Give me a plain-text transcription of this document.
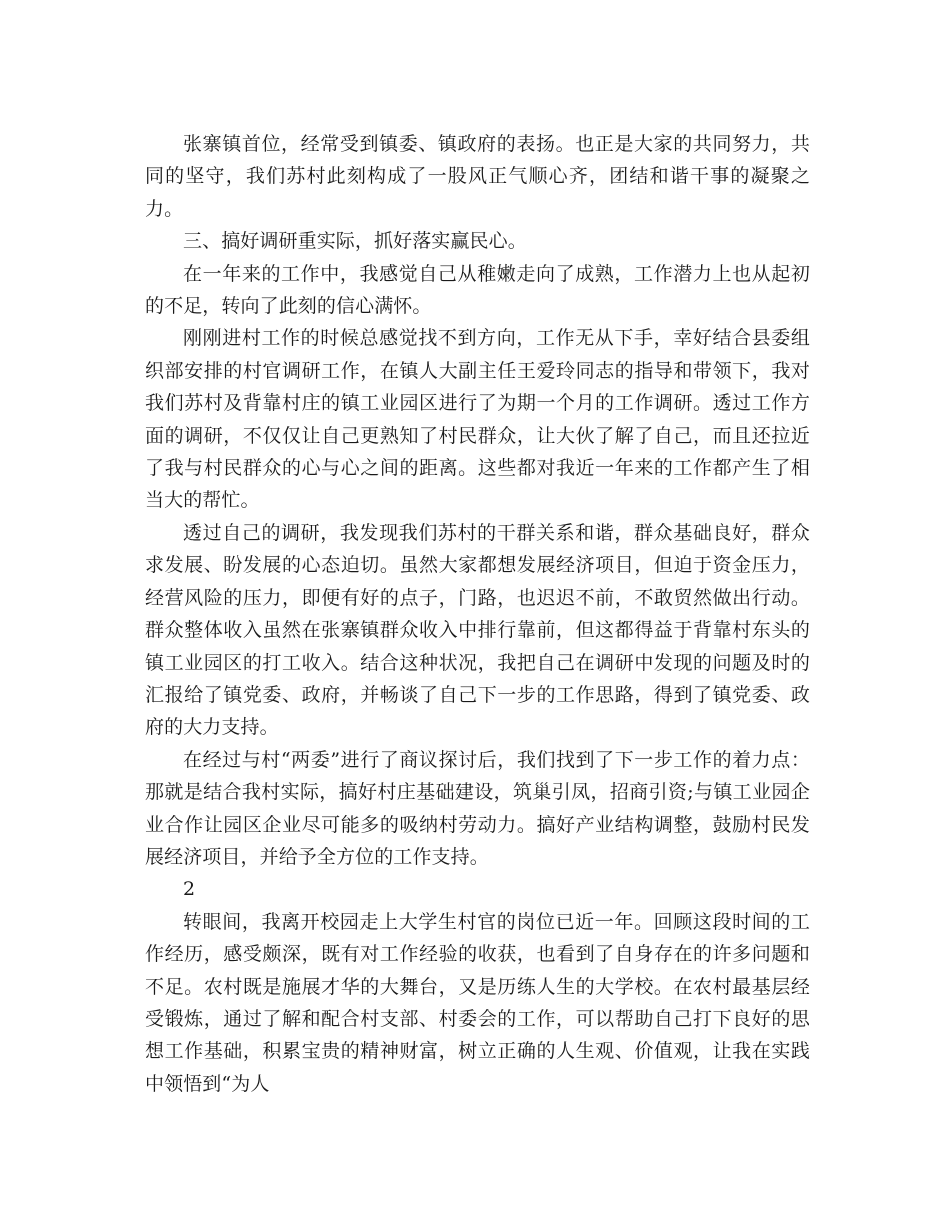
张寨镇首位，经常受到镇委、镇政府的表扬。也正是大家的共同努力，共同的坚守，我们苏村此刻构成了一股风正气顺心齐，团结和谐干事的凝聚之力。

三、搞好调研重实际，抓好落实赢民心。

在一年来的工作中，我感觉自己从稚嫩走向了成熟，工作潜力上也从起初的不足，转向了此刻的信心满怀。

刚刚进村工作的时候总感觉找不到方向，工作无从下手，幸好结合县委组织部安排的村官调研工作，在镇人大副主任王爱玲同志的指导和带领下，我对我们苏村及背靠村庄的镇工业园区进行了为期一个月的工作调研。透过工作方面的调研，不仅仅让自己更熟知了村民群众，让大伙了解了自己，而且还拉近了我与村民群众的心与心之间的距离。这些都对我近一年来的工作都产生了相当大的帮忙。

透过自己的调研，我发现我们苏村的干群关系和谐，群众基础良好，群众求发展、盼发展的心态迫切。虽然大家都想发展经济项目，但迫于资金压力，经营风险的压力，即便有好的点子，门路，也迟迟不前，不敢贸然做出行动。群众整体收入虽然在张寨镇群众收入中排行靠前，但这都得益于背靠村东头的镇工业园区的打工收入。结合这种状况，我把自己在调研中发现的问题及时的汇报给了镇党委、政府，并畅谈了自己下一步的工作思路，得到了镇党委、政府的大力支持。

在经过与村“两委”进行了商议探讨后，我们找到了下一步工作的着力点：那就是结合我村实际，搞好村庄基础建设，筑巢引凤，招商引资;与镇工业园企业合作让园区企业尽可能多的吸纳村劳动力。搞好产业结构调整，鼓励村民发展经济项目，并给予全方位的工作支持。

2

转眼间，我离开校园走上大学生村官的岗位已近一年。回顾这段时间的工作经历，感受颇深，既有对工作经验的收获，也看到了自身存在的许多问题和不足。农村既是施展才华的大舞台，又是历练人生的大学校。在农村最基层经受锻炼，通过了解和配合村支部、村委会的工作，可以帮助自己打下良好的思想工作基础，积累宝贵的精神财富，树立正确的人生观、价值观，让我在实践中领悟到“为人
